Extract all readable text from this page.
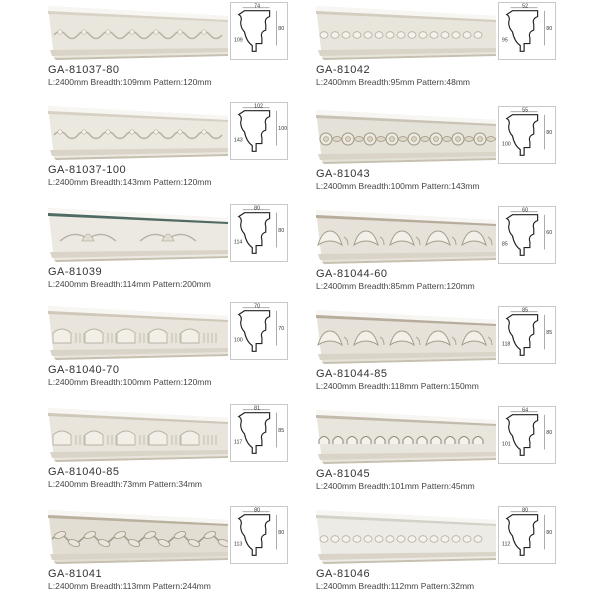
74
80
109
GA-81037-80
L:2400mm Breadth:109mm Pattern:120mm
52
80
95
GA-81042
L:2400mm Breadth:95mm Pattern:48mm
102
100
143
GA-81037-100
L:2400mm Breadth:143mm Pattern:120mm
55
80
100
GA-81043
L:2400mm Breadth:100mm Pattern:143mm
80
80
114
GA-81039
L:2400mm Breadth:114mm Pattern:200mm
60
60
85
GA-81044-60
L:2400mm Breadth:85mm Pattern:120mm
70
70
100
GA-81040-70
L:2400mm Breadth:100mm Pattern:120mm
85
85
118
GA-81044-85
L:2400mm Breadth:118mm Pattern:150mm
81
85
117
GA-81040-85
L:2400mm Breadth:73mm Pattern:34mm
64
80
101
GA-81045
L:2400mm Breadth:101mm Pattern:45mm
80
80
113
GA-81041
L:2400mm Breadth:113mm Pattern:244mm
80
80
112
GA-81046
L:2400mm Breadth:112mm Pattern:32mm
